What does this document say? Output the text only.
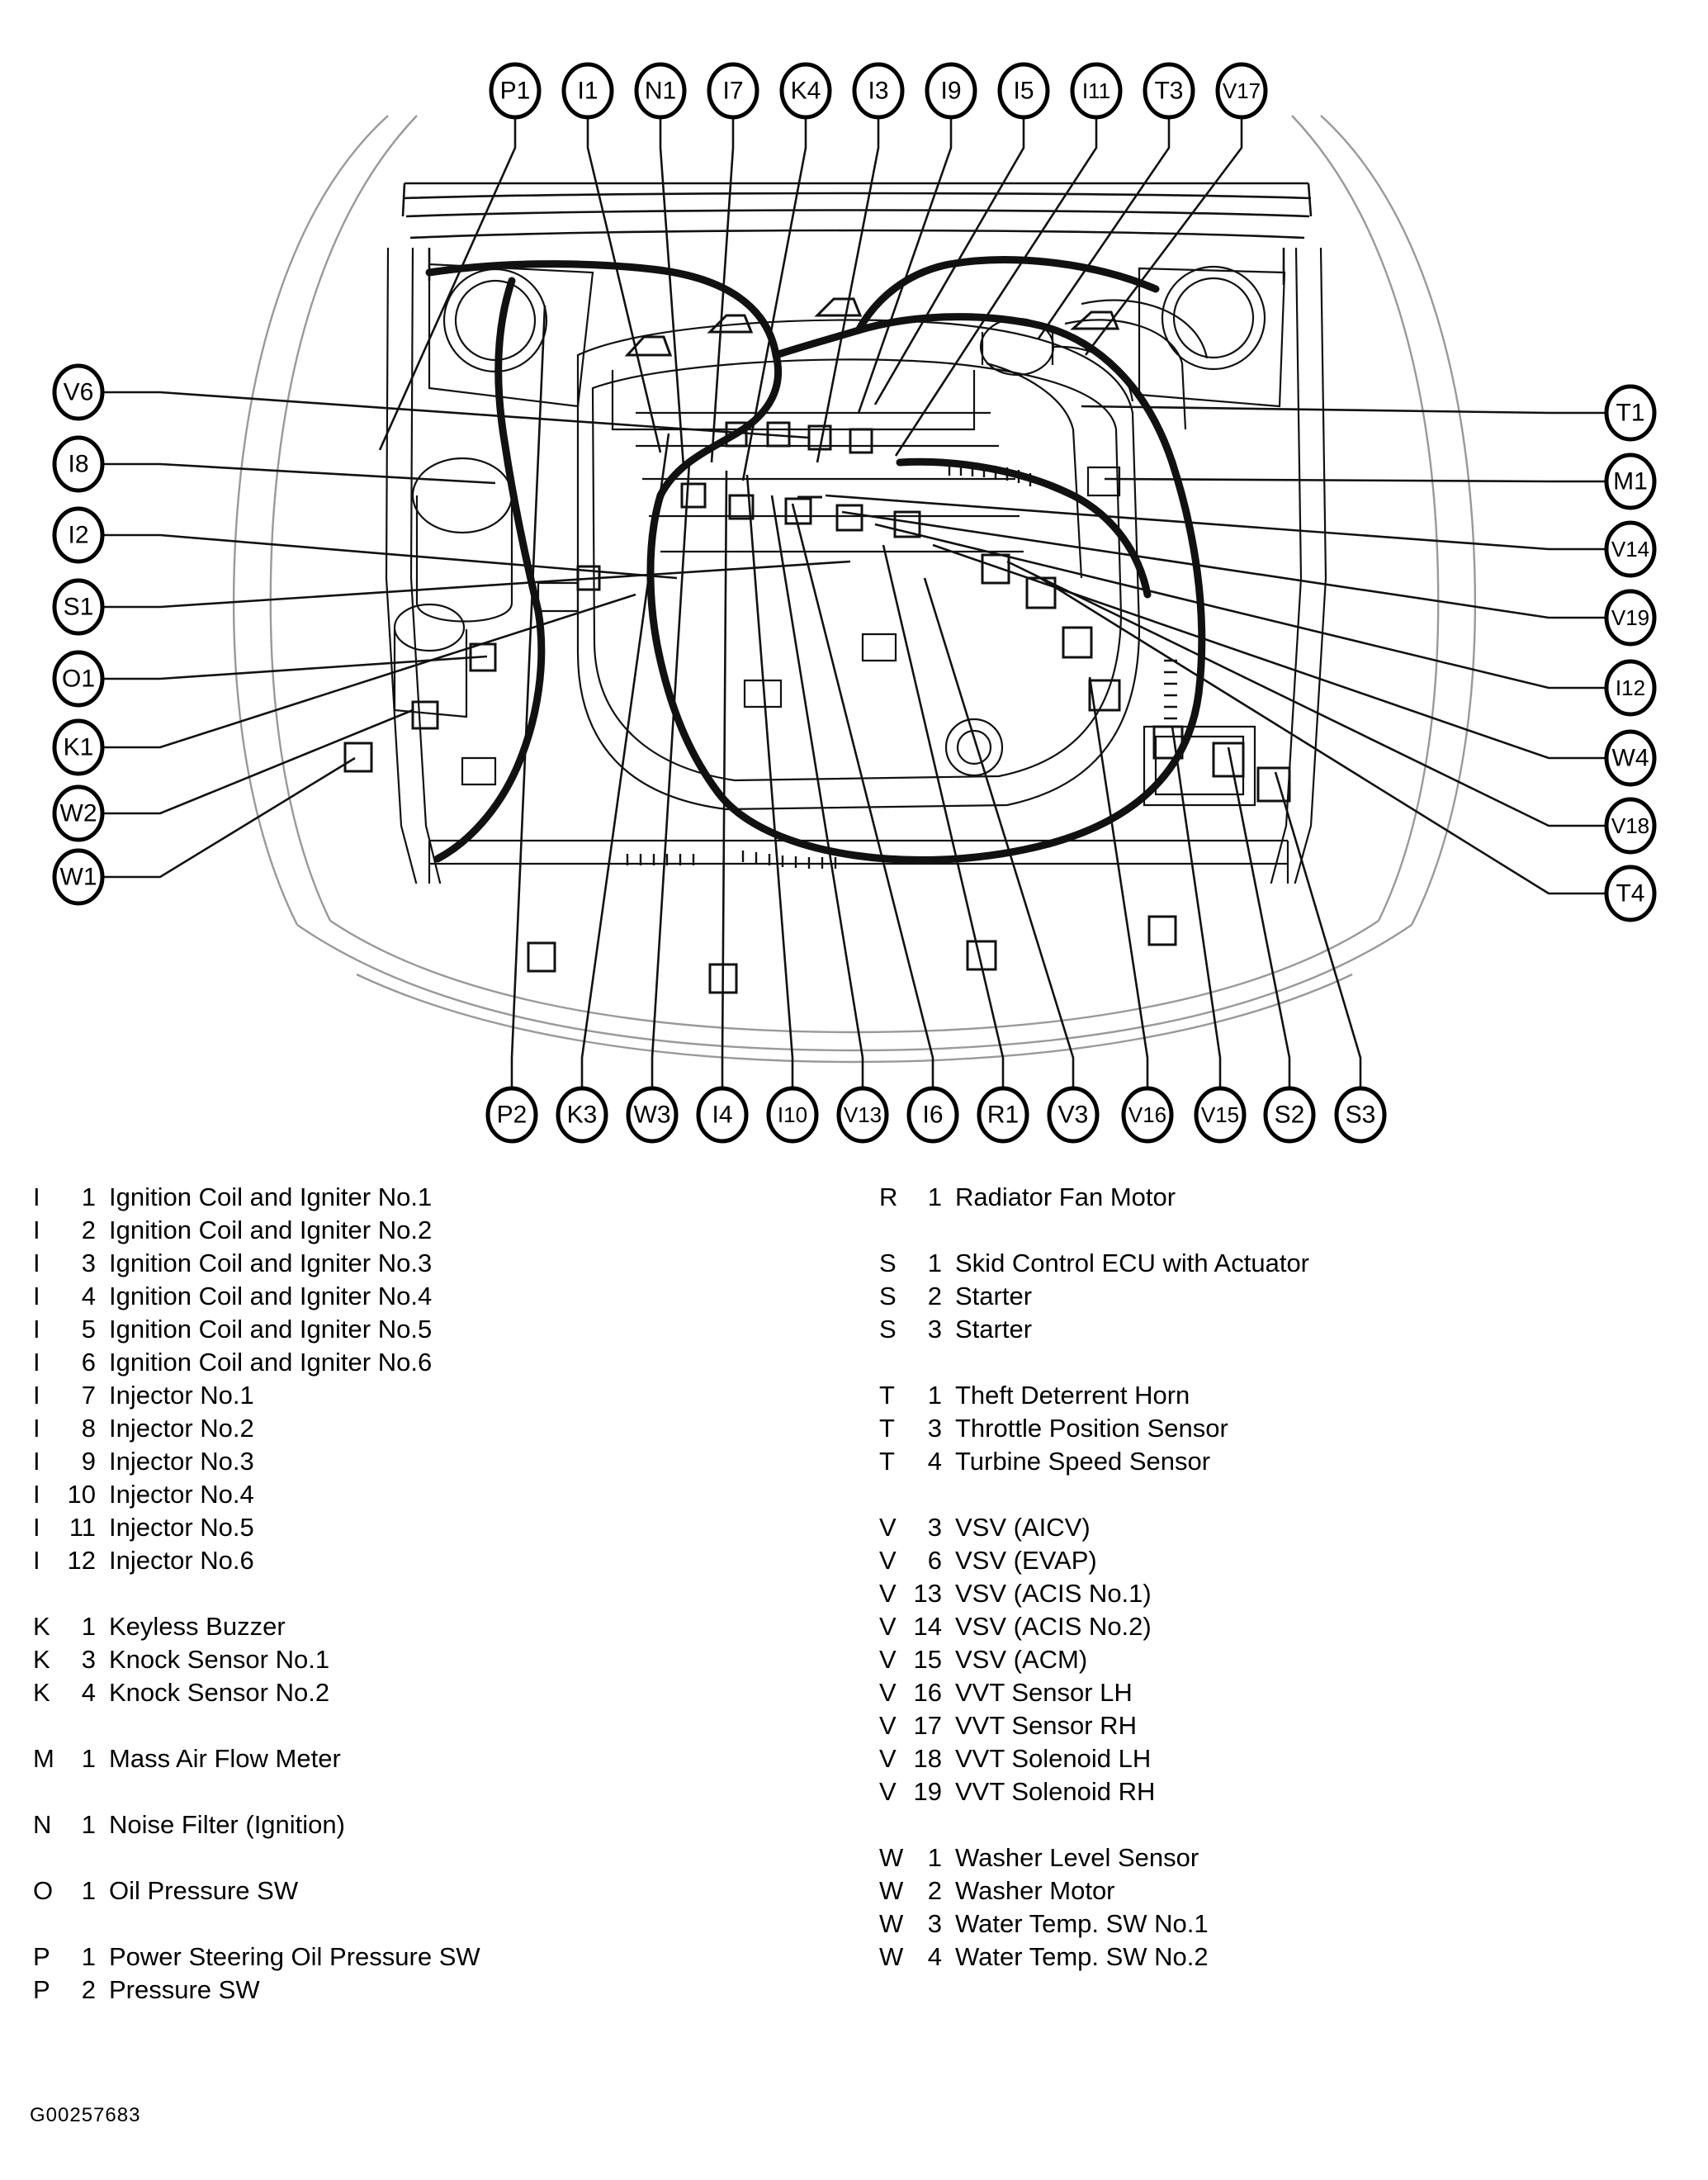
P1 I1 N1 I7 K4 I3 I9 I5 I11 T3 V17
V6
I8
I2
S1
O1
K1
W2
W1
T1
M1
V14
V19
I12
W4
V18
T4
P2 K3 W3 I4 I10 V13 I6 R1 V3 V16 V15 S2 S3
I	1 Ignition Coil and Igniter No.1
I	2 Ignition Coil and Igniter No.2
I	3 Ignition Coil and Igniter No.3
I	4 Ignition Coil and Igniter No.4
I	5 Ignition Coil and Igniter No.5
I	6 Ignition Coil and Igniter No.6
I	7 Injector No.1
I	8 Injector No.2
I	9 Injector No.3
I	10 Injector No.4
I	11 Injector No.5
I	12 Injector No.6
K	1 Keyless Buzzer
K	3 Knock Sensor No.1
K	4 Knock Sensor No.2
M	1 Mass Air Flow Meter
N	1 Noise Filter (Ignition)
O	1 Oil Pressure SW
P	1 Power Steering Oil Pressure SW
P	2 Pressure SW
R	1 Radiator Fan Motor
S	1 Skid Control ECU with Actuator
S	2 Starter
S	3 Starter
T	1 Theft Deterrent Horn
T	3 Throttle Position Sensor
T	4 Turbine Speed Sensor
V	3 VSV (AICV)
V	6 VSV (EVAP)
V 13 VSV (ACIS No.1)
V 14 VSV (ACIS No.2)
V 15 VSV (ACM)
V 16 VVT Sensor LH
V 17 VVT Sensor RH
V 18 VVT Solenoid LH
V 19 VVT Solenoid RH
W 1 Washer Level Sensor
W 2 Washer Motor
W 3 Water Temp. SW No.1
W 4 Water Temp. SW No.2
G00257683
